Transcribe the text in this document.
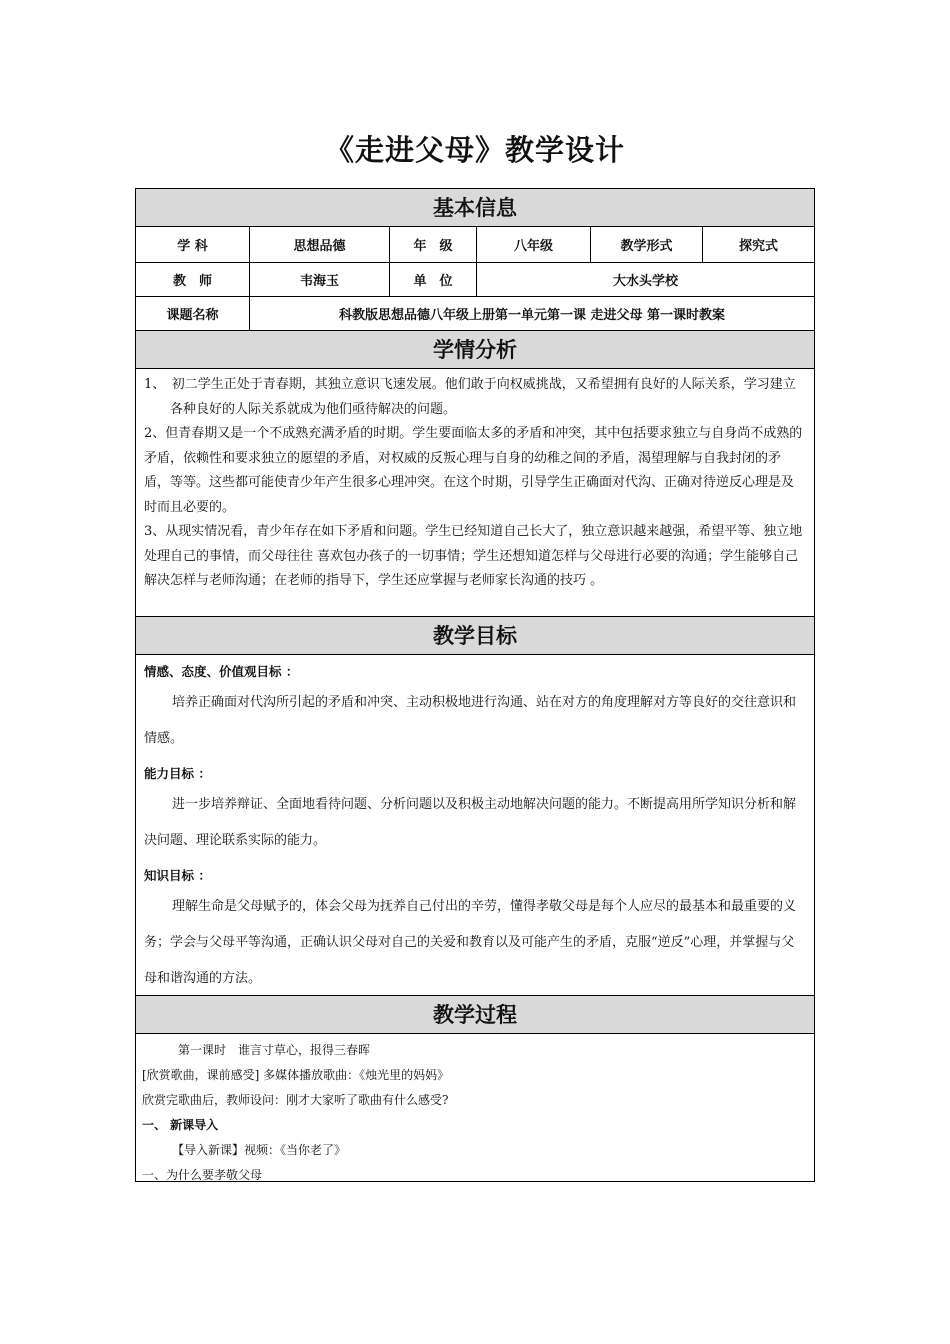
《走进父母》教学设计
基本信息
学 科	思想品德	年　级	八年级	教学形式	探究式
教　师	韦海玉	单　位	大水头学校
课题名称	科教版思想品德八年级上册第一单元第一课 走进父母 第一课时教案
学情分析

1、　初二学生正处于青春期，其独立意识飞速发展。他们敢于向权威挑战，又希望拥有良好的人际关系，学习建立各种良好的人际关系就成为他们亟待解决的问题。

2、但青春期又是一个不成熟充满矛盾的时期。学生要面临太多的矛盾和冲突，其中包括要求独立与自身尚不成熟的矛盾，依赖性和要求独立的愿望的矛盾，对权威的反叛心理与自身的幼稚之间的矛盾，渴望理解与自我封闭的矛盾，等等。这些都可能使青少年产生很多心理冲突。在这个时期，引导学生正确面对代沟、正确对待逆反心理是及时而且必要的。

3、从现实情况看，青少年存在如下矛盾和问题。学生已经知道自己长大了，独立意识越来越强，希望平等、独立地处理自己的事情，而父母往往 喜欢包办孩子的一切事情；学生还想知道怎样与父母进行必要的沟通；学生能够自己解决怎样与老师沟通；在老师的指导下，学生还应掌握与老师家长沟通的技巧 。

教学目标
情感、态度、价值观目标 ：

培养正确面对代沟所引起的矛盾和冲突、主动积极地进行沟通、站在对方的角度理解对方等良好的交往意识和情感。

能力目标 ：

进一步培养辩证、全面地看待问题、分析问题以及积极主动地解决问题的能力。不断提高用所学知识分析和解决问题、理论联系实际的能力。

知识目标 ：

理解生命是父母赋予的，体会父母为抚养自己付出的辛劳，懂得孝敬父母是每个人应尽的最基本和最重要的义务；学会与父母平等沟通，正确认识父母对自己的关爱和教育以及可能产生的矛盾，克服“逆反”心理，并掌握与父母和谐沟通的方法。

教学过程

　　　第一课时　谁言寸草心，报得三春晖

[欣赏歌曲，课前感受] 多媒体播放歌曲：《烛光里的妈妈》

欣赏完歌曲后，教师设问：刚才大家听了歌曲有什么感受?

一、 新课导入

　　　【导入新课】视频：《当你老了》

一、为什么要孝敬父母
